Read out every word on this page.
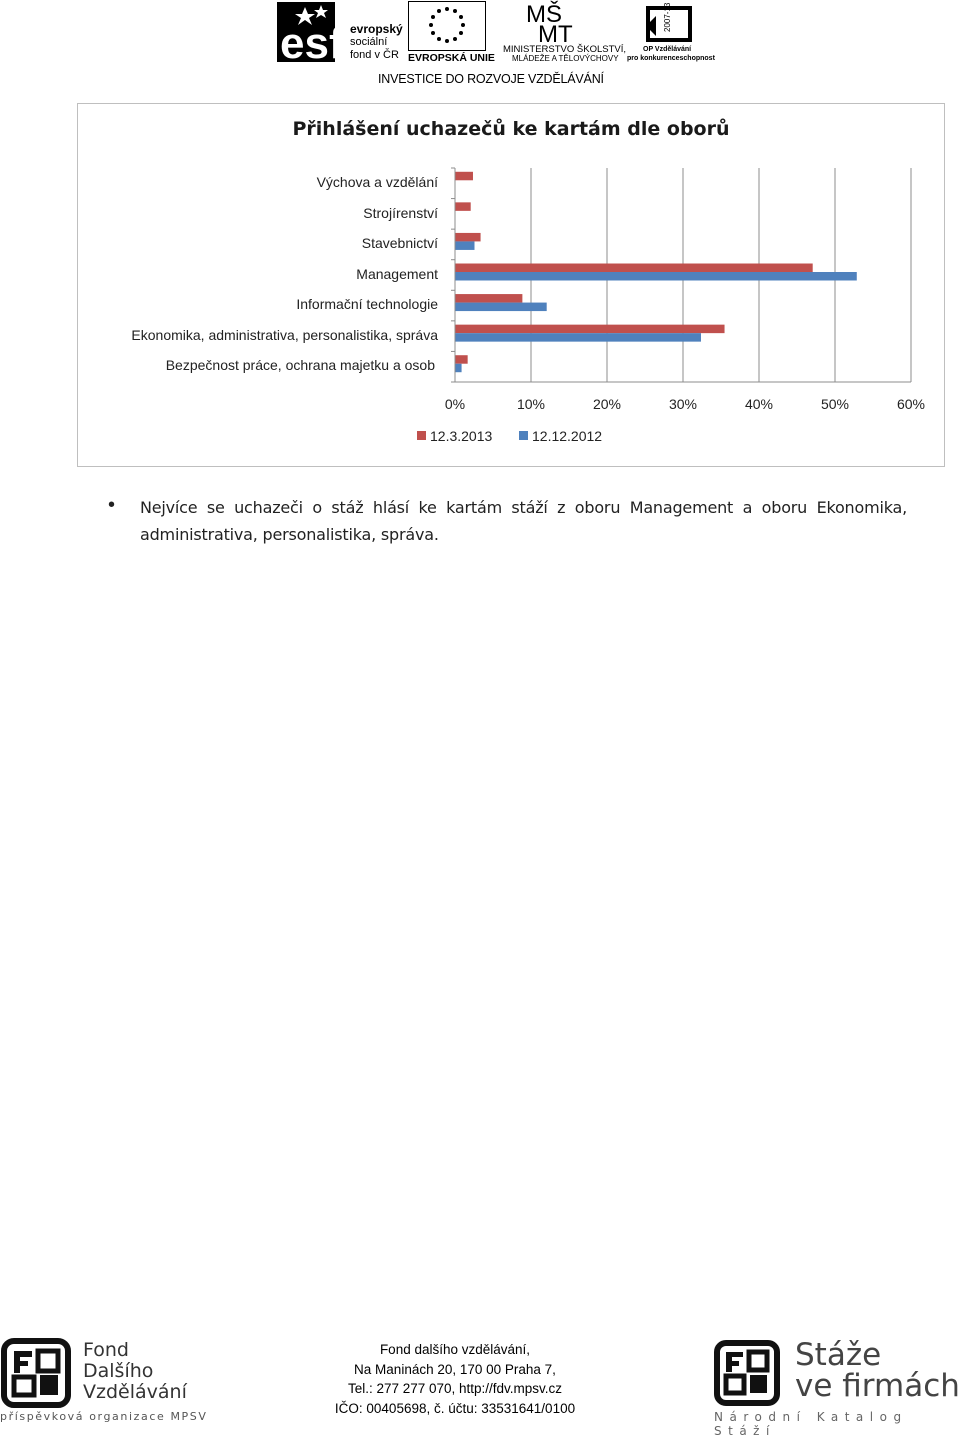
esf evropský
sociální
fond v ČR EVROPSKÁ UNIE
MŠ
MT
MINISTERSTVO ŠKOLSTVÍ,
MLÁDEŽE A TĚLOVÝCHOVY
2007-13
OP Vzdělávání
pro konkurenceschopnost
INVESTICE DO ROZVOJE VZDĚLÁVÁNÍ
Přihlášení uchazečů ke kartám dle oborů
Výchova a vzdělání
Strojírenství
Stavebnictví
Management
Informační technologie
Ekonomika, administrativa, personalistika, správa
Bezpečnost práce, ochrana majetku a osob
0%	10%	20%	30%	40%	50%	60%
12.3.2013	12.12.2012
•	Nejvíce se uchazeči o stáž hlásí ke kartám stáží z oboru Management a oboru Ekonomika, administrativa, personalistika, správa.
Fond
Dalšího
Vzdělávání
příspěvková organizace MPSV
Fond dalšího vzdělávání,
Na Maninách 20, 170 00 Praha 7,
Tel.: 277 277 070, http://fdv.mpsv.cz
IČO: 00405698, č. účtu: 33531641/0100
Stáže
ve firmách
Národní Katalog Stáží
